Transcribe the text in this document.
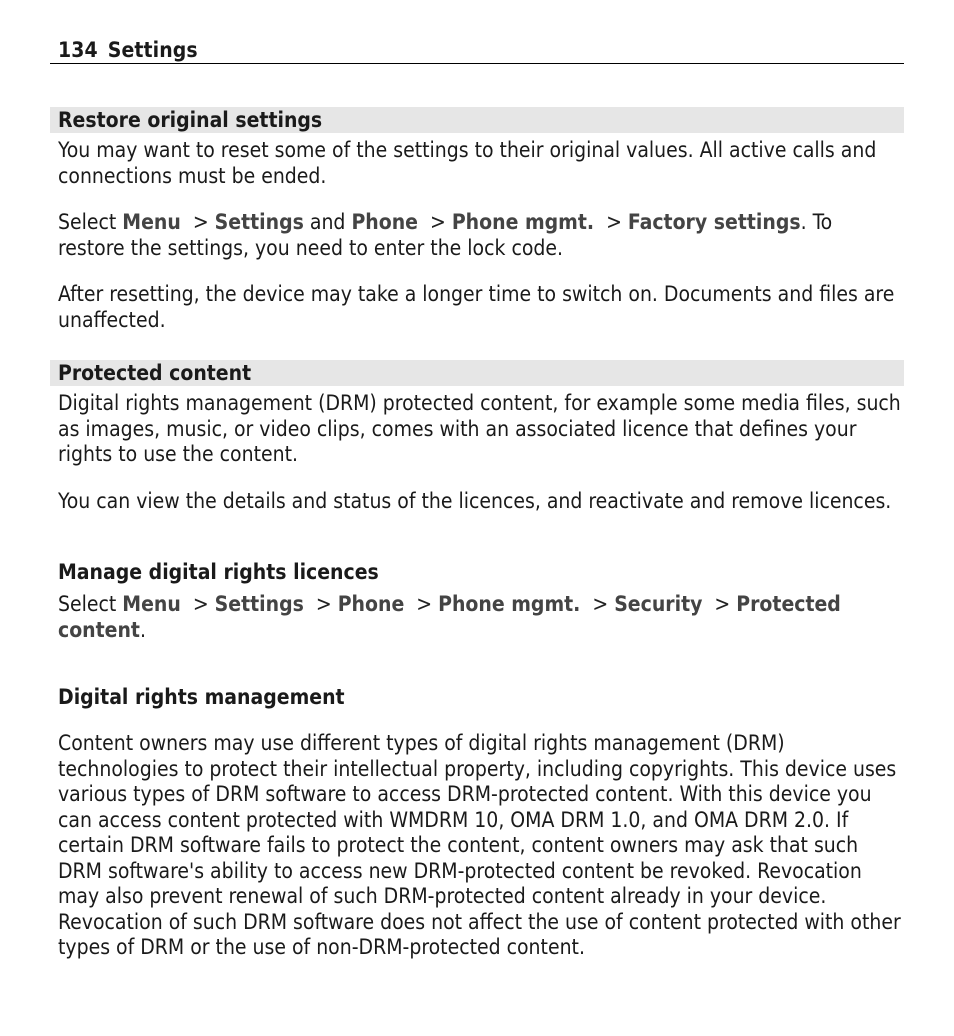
134 Settings
Restore original settings

You may want to reset some of the settings to their original values. All active calls and connections must be ended.

Select Menu > Settings and Phone > Phone mgmt. > Factory settings. To restore the settings, you need to enter the lock code.

After resetting, the device may take a longer time to switch on. Documents and files are unaffected.

Protected content

Digital rights management (DRM) protected content, for example some media files, such as images, music, or video clips, comes with an associated licence that defines your rights to use the content.

You can view the details and status of the licences, and reactivate and remove licences.

Manage digital rights licences

Select Menu > Settings > Phone > Phone mgmt. > Security > Protected content.

Digital rights management

Content owners may use different types of digital rights management (DRM) technologies to protect their intellectual property, including copyrights. This device uses various types of DRM software to access DRM-protected content. With this device you can access content protected with WMDRM 10, OMA DRM 1.0, and OMA DRM 2.0. If certain DRM software fails to protect the content, content owners may ask that such DRM software's ability to access new DRM-protected content be revoked. Revocation may also prevent renewal of such DRM-protected content already in your device. Revocation of such DRM software does not affect the use of content protected with other types of DRM or the use of non-DRM-protected content.
